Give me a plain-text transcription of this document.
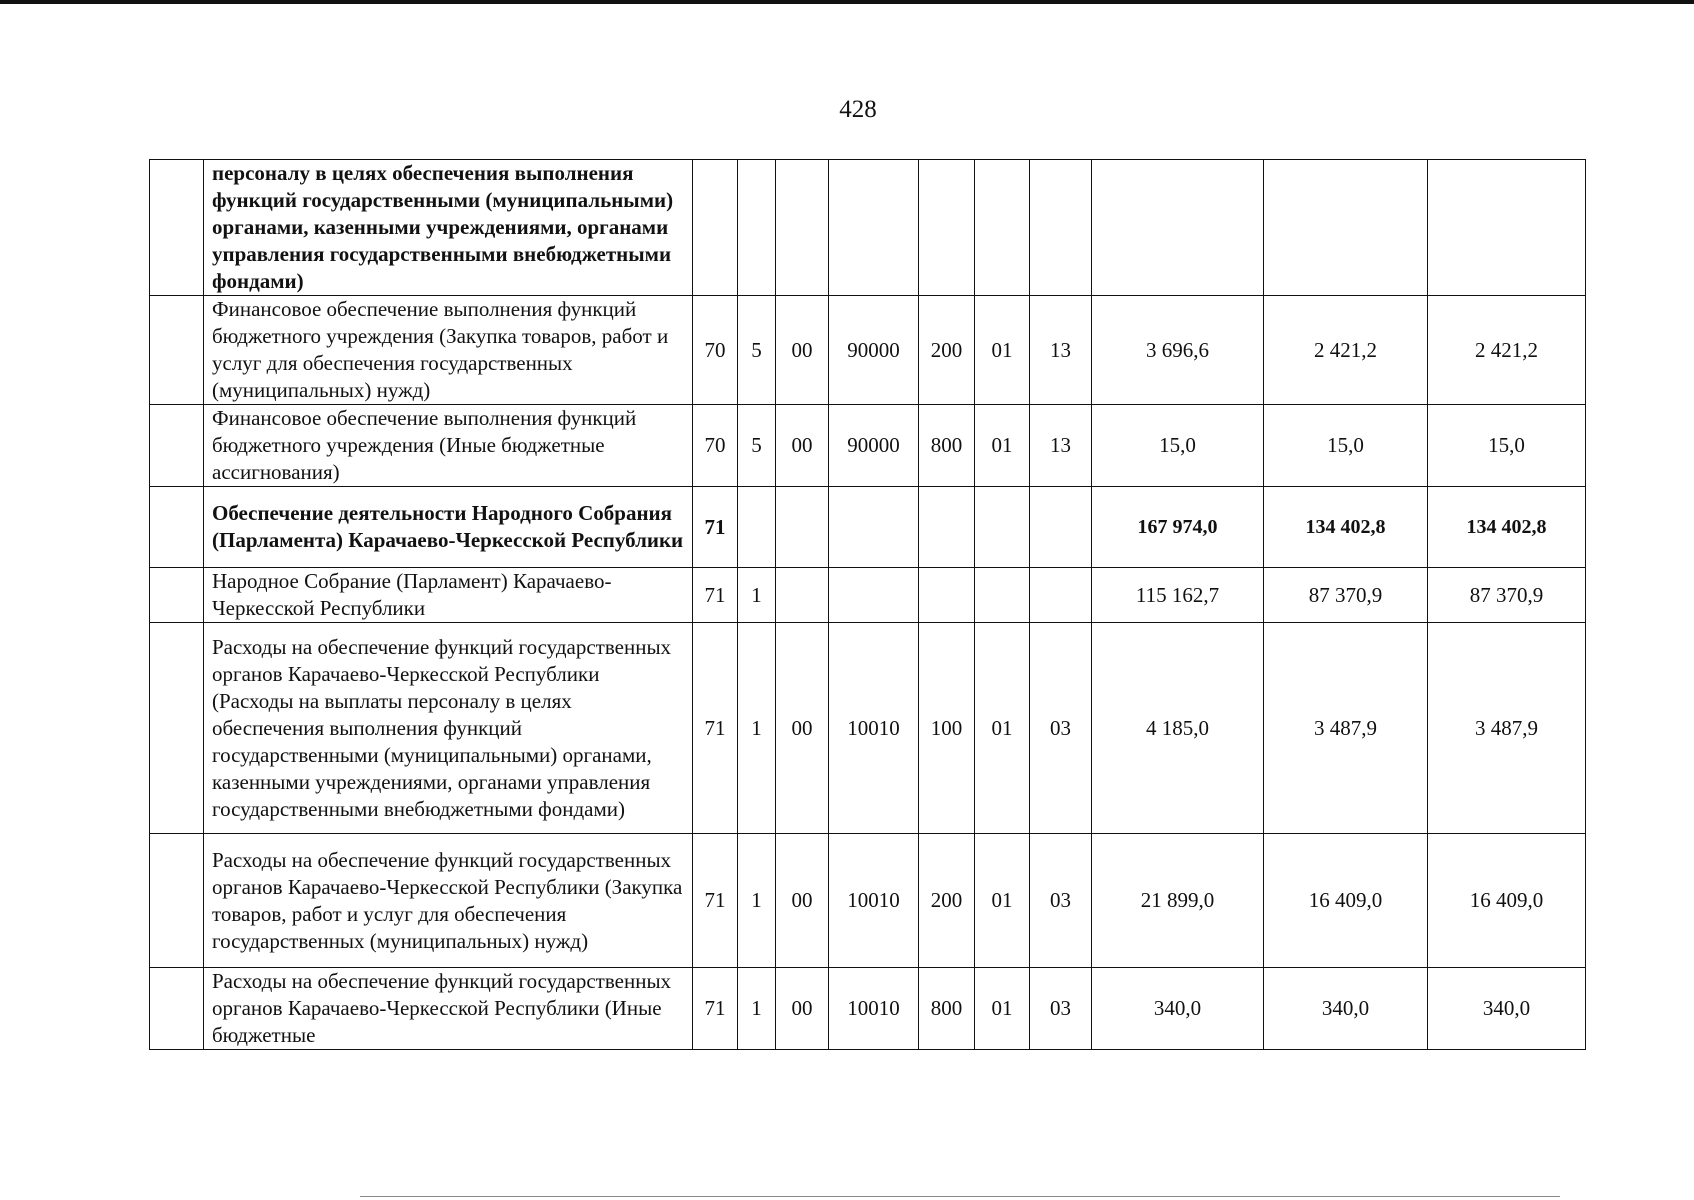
428
	персоналу в целях обеспечения выполнения функций государственными (муниципальными) органами, казенными учреждениями, органами управления государственными внебюджетными фондами)										
	Финансовое обеспечение выполнения функций бюджетного учреждения (Закупка товаров, работ и услуг для обеспечения государственных (муниципальных) нужд)	70	5	00	90000	200	01	13	3 696,6	2 421,2	2 421,2
	Финансовое обеспечение выполнения функций бюджетного учреждения (Иные бюджетные ассигнования)	70	5	00	90000	800	01	13	15,0	15,0	15,0
	Обеспечение деятельности Народного Собрания (Парламента) Карачаево-Черкесской Республики	71							167 974,0	134 402,8	134 402,8
	Народное Собрание (Парламент) Карачаево-Черкесской Республики	71	1						115 162,7	87 370,9	87 370,9
	Расходы на обеспечение функций государственных органов Карачаево-Черкесской Республики (Расходы на выплаты персоналу в целях обеспечения выполнения функций государственными (муниципальными) органами, казенными учреждениями, органами управления государственными внебюджетными фондами)	71	1	00	10010	100	01	03	4 185,0	3 487,9	3 487,9
	Расходы на обеспечение функций государственных органов Карачаево-Черкесской Республики (Закупка товаров, работ и услуг для обеспечения государственных (муниципальных) нужд)	71	1	00	10010	200	01	03	21 899,0	16 409,0	16 409,0
	Расходы на обеспечение функций государственных органов Карачаево-Черкесской Республики (Иные бюджетные	71	1	00	10010	800	01	03	340,0	340,0	340,0
